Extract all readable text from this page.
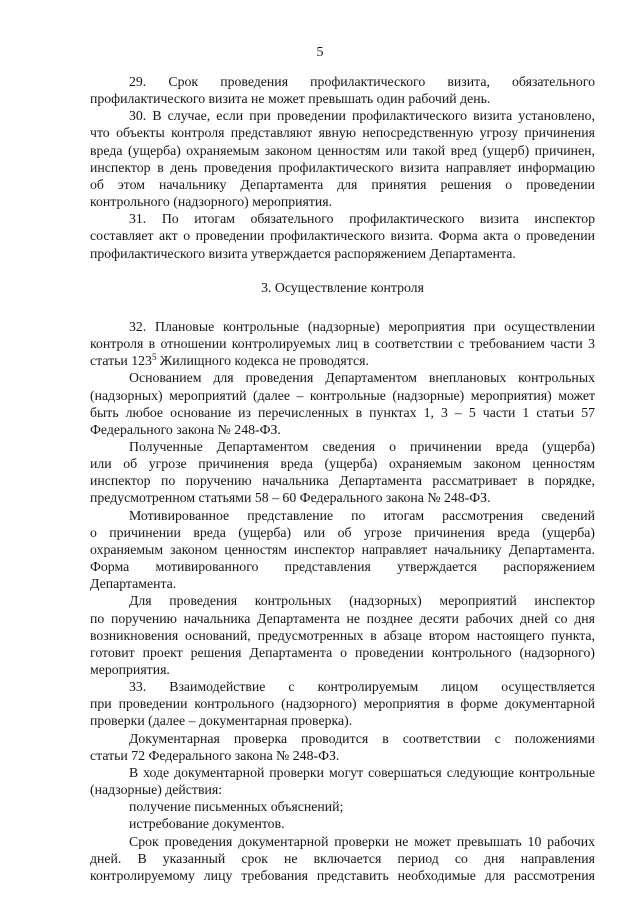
5
29. Срок проведения профилактического визита, обязательного
профилактического визита не может превышать один рабочий день.
30. В случае, если при проведении профилактического визита установлено,
что объекты контроля представляют явную непосредственную угрозу причинения
вреда (ущерба) охраняемым законом ценностям или такой вред (ущерб) причинен,
инспектор в день проведения профилактического визита направляет информацию
об этом начальнику Департамента для принятия решения о проведении
контрольного (надзорного) мероприятия.
31. По итогам обязательного профилактического визита инспектор
составляет акт о проведении профилактического визита. Форма акта о проведении
профилактического визита утверждается распоряжением Департамента.
3. Осуществление контроля
32. Плановые контрольные (надзорные) мероприятия при осуществлении
контроля в отношении контролируемых лиц в соответствии с требованием части 3
статьи $123^5$ Жилищного кодекса не проводятся.
Основанием для проведения Департаментом внеплановых контрольных
(надзорных) мероприятий (далее – контрольные (надзорные) мероприятия) может
быть любое основание из перечисленных в пунктах 1, 3 – 5 части 1 статьи 57
Федерального закона № 248-ФЗ.
Полученные Департаментом сведения о причинении вреда (ущерба)
или об угрозе причинения вреда (ущерба) охраняемым законом ценностям
инспектор по поручению начальника Департамента рассматривает в порядке,
предусмотренном статьями 58 – 60 Федерального закона № 248-ФЗ.
Мотивированное представление по итогам рассмотрения сведений
о причинении вреда (ущерба) или об угрозе причинения вреда (ущерба)
охраняемым законом ценностям инспектор направляет начальнику Департамента.
Форма мотивированного представления утверждается распоряжением
Департамента.
Для проведения контрольных (надзорных) мероприятий инспектор
по поручению начальника Департамента не позднее десяти рабочих дней со дня
возникновения оснований, предусмотренных в абзаце втором настоящего пункта,
готовит проект решения Департамента о проведении контрольного (надзорного)
мероприятия.
33. Взаимодействие с контролируемым лицом осуществляется
при проведении контрольного (надзорного) мероприятия в форме документарной
проверки (далее – документарная проверка).
Документарная проверка проводится в соответствии с положениями
статьи 72 Федерального закона № 248-ФЗ.
В ходе документарной проверки могут совершаться следующие контрольные
(надзорные) действия:
получение письменных объяснений;
истребование документов.
Срок проведения документарной проверки не может превышать 10 рабочих
дней. В указанный срок не включается период со дня направления
контролируемому лицу требования представить необходимые для рассмотрения
